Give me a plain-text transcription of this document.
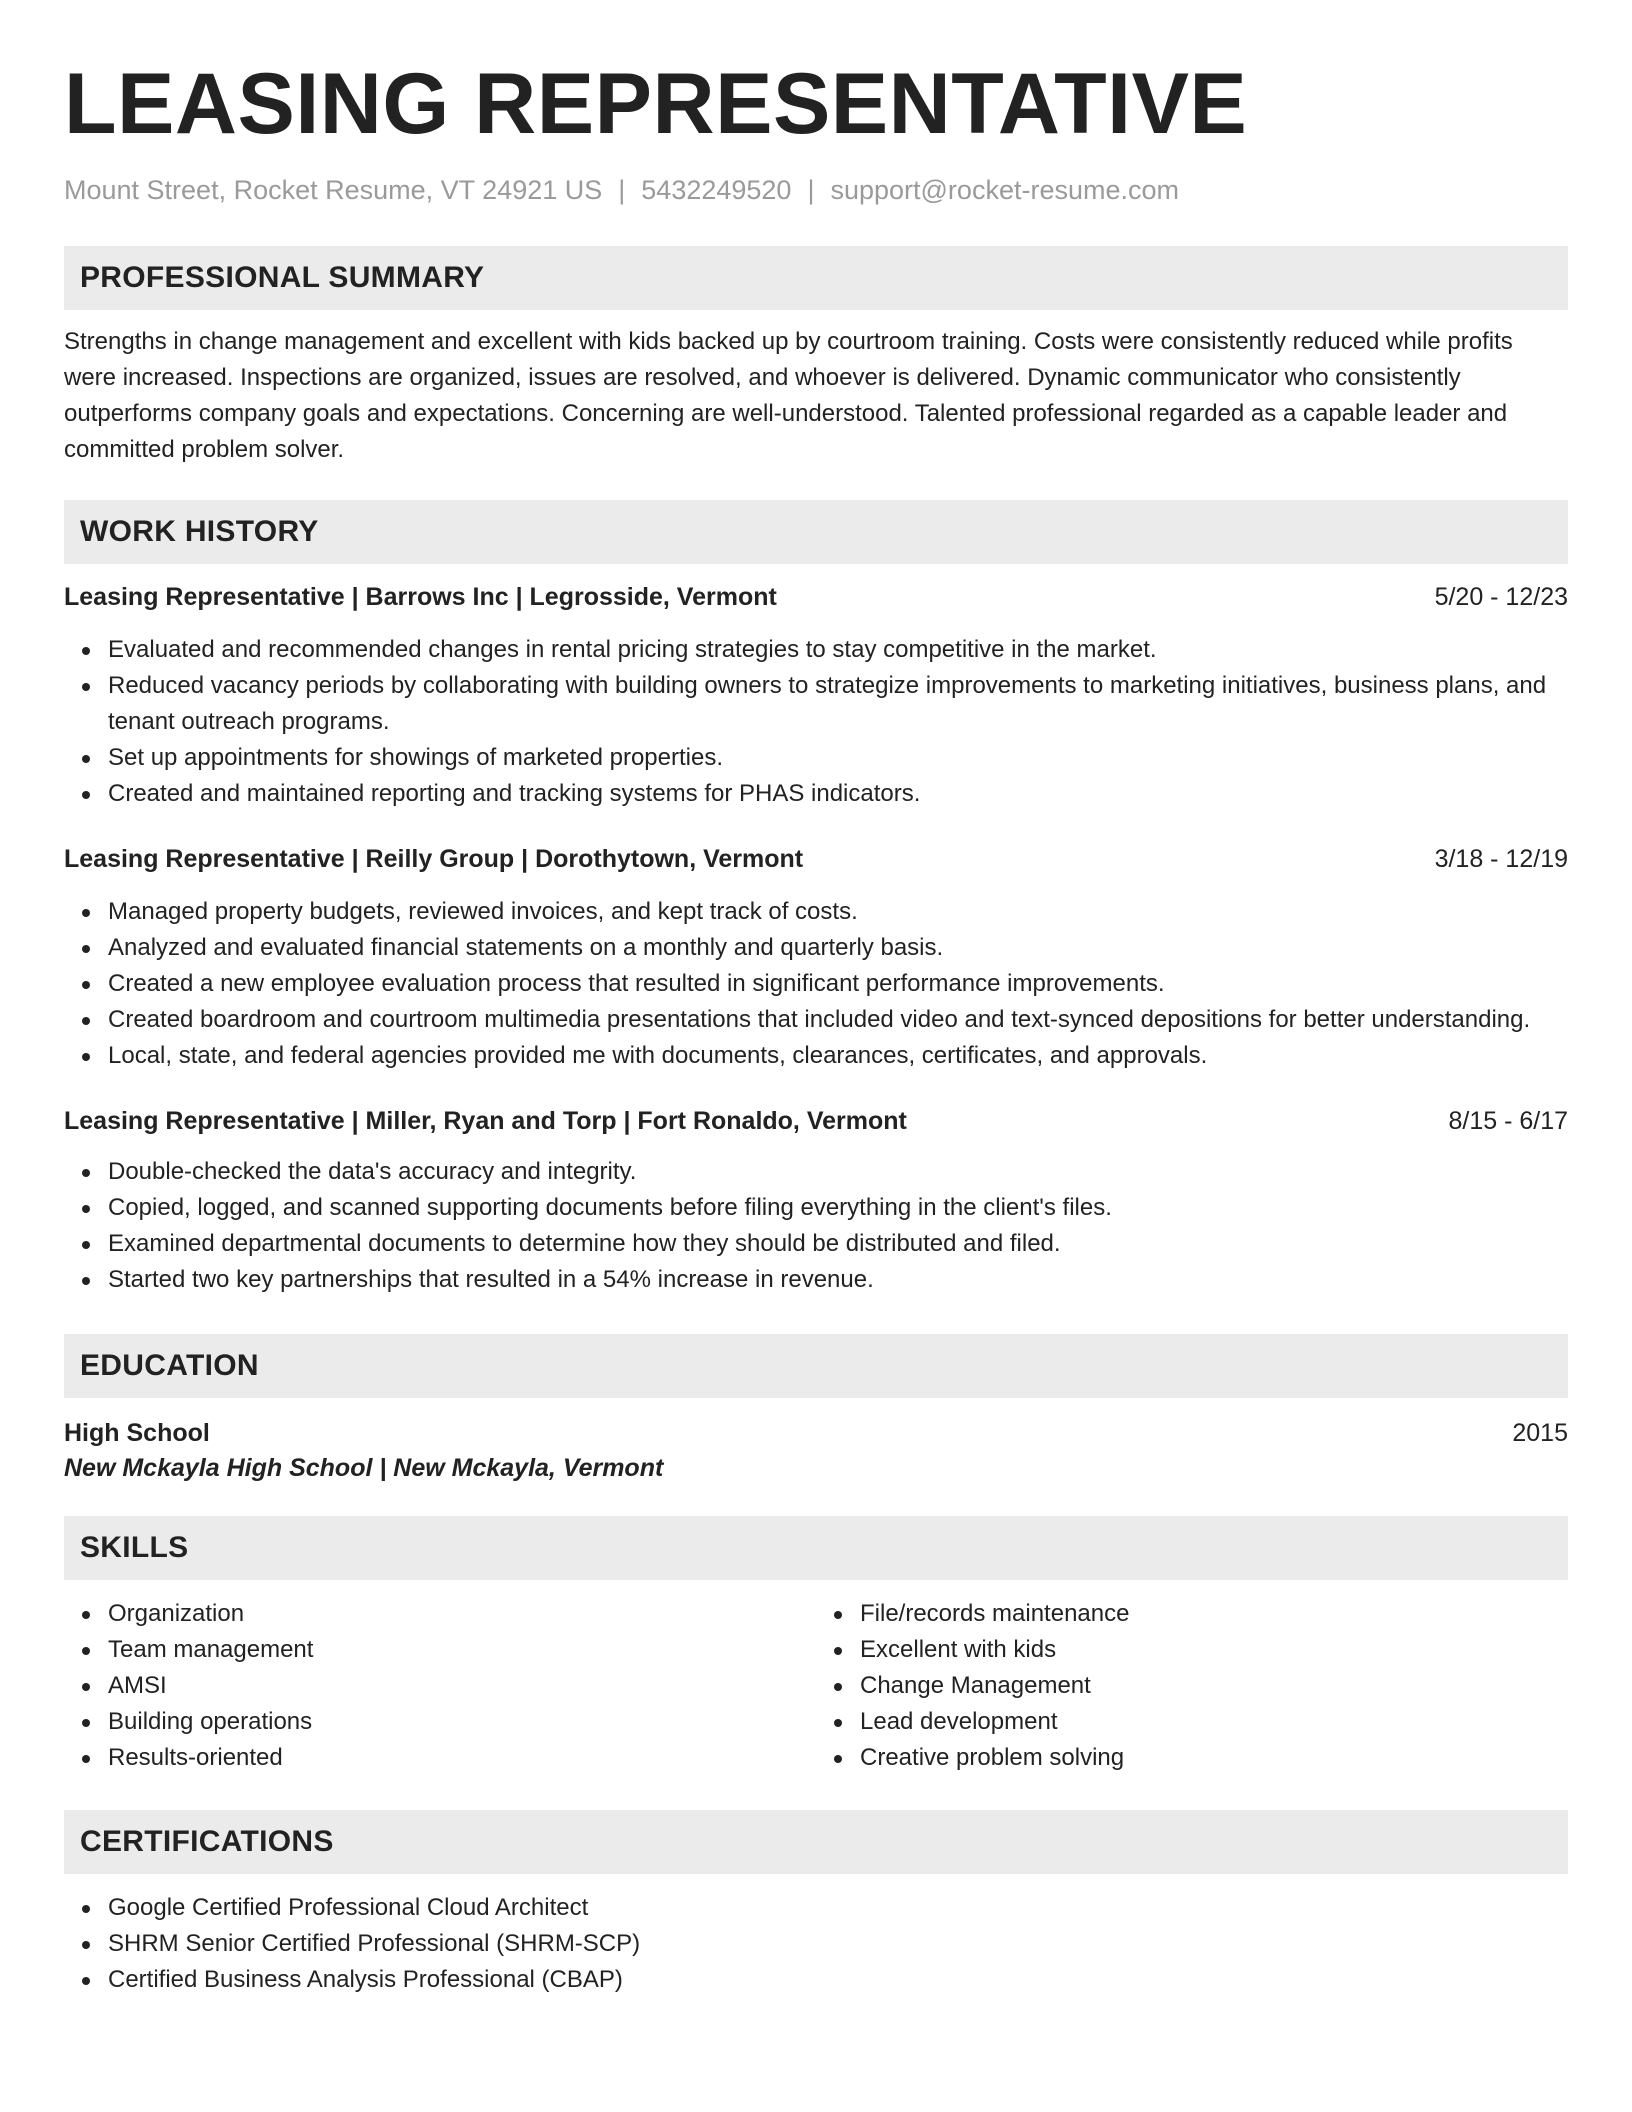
LEASING REPRESENTATIVE
Mount Street, Rocket Resume, VT 24921 US | 5432249520 | support@rocket-resume.com
PROFESSIONAL SUMMARY

Strengths in change management and excellent with kids backed up by courtroom training. Costs were consistently reduced while profits were increased. Inspections are organized, issues are resolved, and whoever is delivered. Dynamic communicator who consistently outperforms company goals and expectations. Concerning are well-understood. Talented professional regarded as a capable leader and committed problem solver.

WORK HISTORY
Leasing Representative | Barrows Inc | Legrosside, Vermont	5/20 - 12/23
Evaluated and recommended changes in rental pricing strategies to stay competitive in the market.
Reduced vacancy periods by collaborating with building owners to strategize improvements to marketing initiatives, business plans, and tenant outreach programs.
Set up appointments for showings of marketed properties.
Created and maintained reporting and tracking systems for PHAS indicators.
Leasing Representative | Reilly Group | Dorothytown, Vermont	3/18 - 12/19
Managed property budgets, reviewed invoices, and kept track of costs.
Analyzed and evaluated financial statements on a monthly and quarterly basis.
Created a new employee evaluation process that resulted in significant performance improvements.
Created boardroom and courtroom multimedia presentations that included video and text-synced depositions for better understanding.
Local, state, and federal agencies provided me with documents, clearances, certificates, and approvals.
Leasing Representative | Miller, Ryan and Torp | Fort Ronaldo, Vermont	8/15 - 6/17
Double-checked the data's accuracy and integrity.
Copied, logged, and scanned supporting documents before filing everything in the client's files.
Examined departmental documents to determine how they should be distributed and filed.
Started two key partnerships that resulted in a 54% increase in revenue.
EDUCATION
High School	2015
New Mckayla High School | New Mckayla, Vermont
SKILLS
Organization
Team management
AMSI
Building operations
Results-oriented
File/records maintenance
Excellent with kids
Change Management
Lead development
Creative problem solving
CERTIFICATIONS
Google Certified Professional Cloud Architect
SHRM Senior Certified Professional (SHRM-SCP)
Certified Business Analysis Professional (CBAP)
